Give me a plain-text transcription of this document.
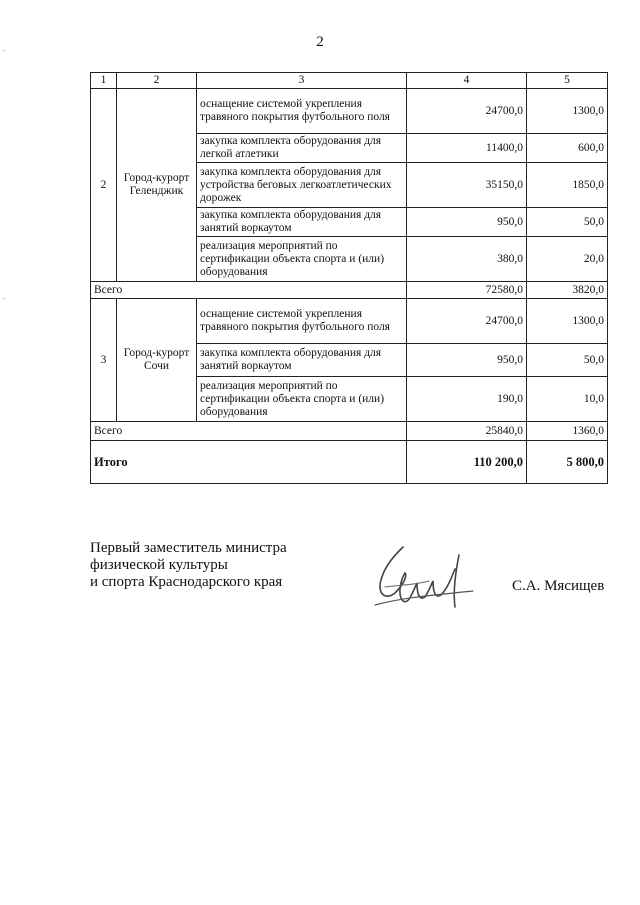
2
1	2	3	4	5
2	Город-курорт Геленджик	оснащение системой укрепления травяного покрытия футбольного поля	24700,0	1300,0
		закупка комплекта оборудования для легкой атлетики	11400,0	600,0
		закупка комплекта оборудования для устройства беговых легкоатлетических дорожек	35150,0	1850,0
		закупка комплекта оборудования для занятий воркаутом	950,0	50,0
		реализация мероприятий по сертификации объекта спорта и (или) оборудования	380,0	20,0
Всего			72580,0	3820,0
3	Город-курорт Сочи	оснащение системой укрепления травяного покрытия футбольного поля	24700,0	1300,0
		закупка комплекта оборудования для занятий воркаутом	950,0	50,0
		реализация мероприятий по сертификации объекта спорта и (или) оборудования	190,0	10,0
Всего			25840,0	1360,0
Итого			110 200,0	5 800,0
Первый заместитель министра
физической культуры
и спорта Краснодарского края	С.А. Мясищев
